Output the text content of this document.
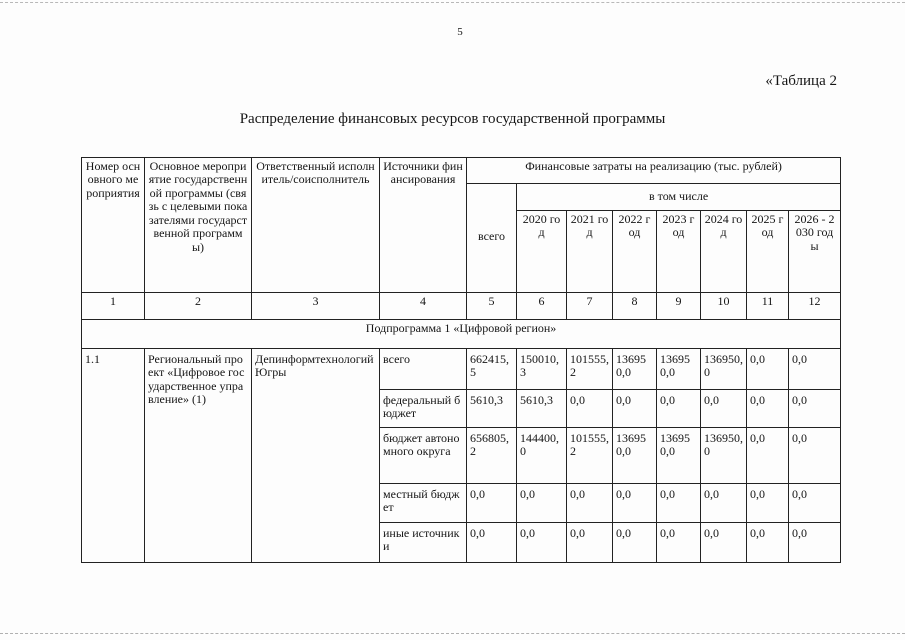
5
«Таблица 2
Распределение финансовых ресурсов государственной программы
Номер основного мероприятия	Основное мероприятие государственной программы (связь с целевыми показателями государственной программы)	Ответственный исполнитель/соисполнитель	Источники финансирования	Финансовые затраты на реализацию (тыс. рублей)							
				всего	в том числе						
					2020 год	2021 год	2022 год	2023 год	2024 год	2025 год	2026 - 2030 годы
1	2	3	4	5	6	7	8	9	10	11	12
Подпрограмма 1 «Цифровой регион»											
1.1	Региональный проект «Цифровое государственное управление» (1)	Депинформтехнологий Югры	всего	662415,5	150010,3	101555,2	136950,0	136950,0	136950,0	0,0	0,0
			федеральный бюджет	5610,3	5610,3	0,0	0,0	0,0	0,0	0,0	0,0
			бюджет автономного округа	656805,2	144400,0	101555,2	136950,0	136950,0	136950,0	0,0	0,0
			местный бюджет	0,0	0,0	0,0	0,0	0,0	0,0	0,0	0,0
			иные источники	0,0	0,0	0,0	0,0	0,0	0,0	0,0	0,0
